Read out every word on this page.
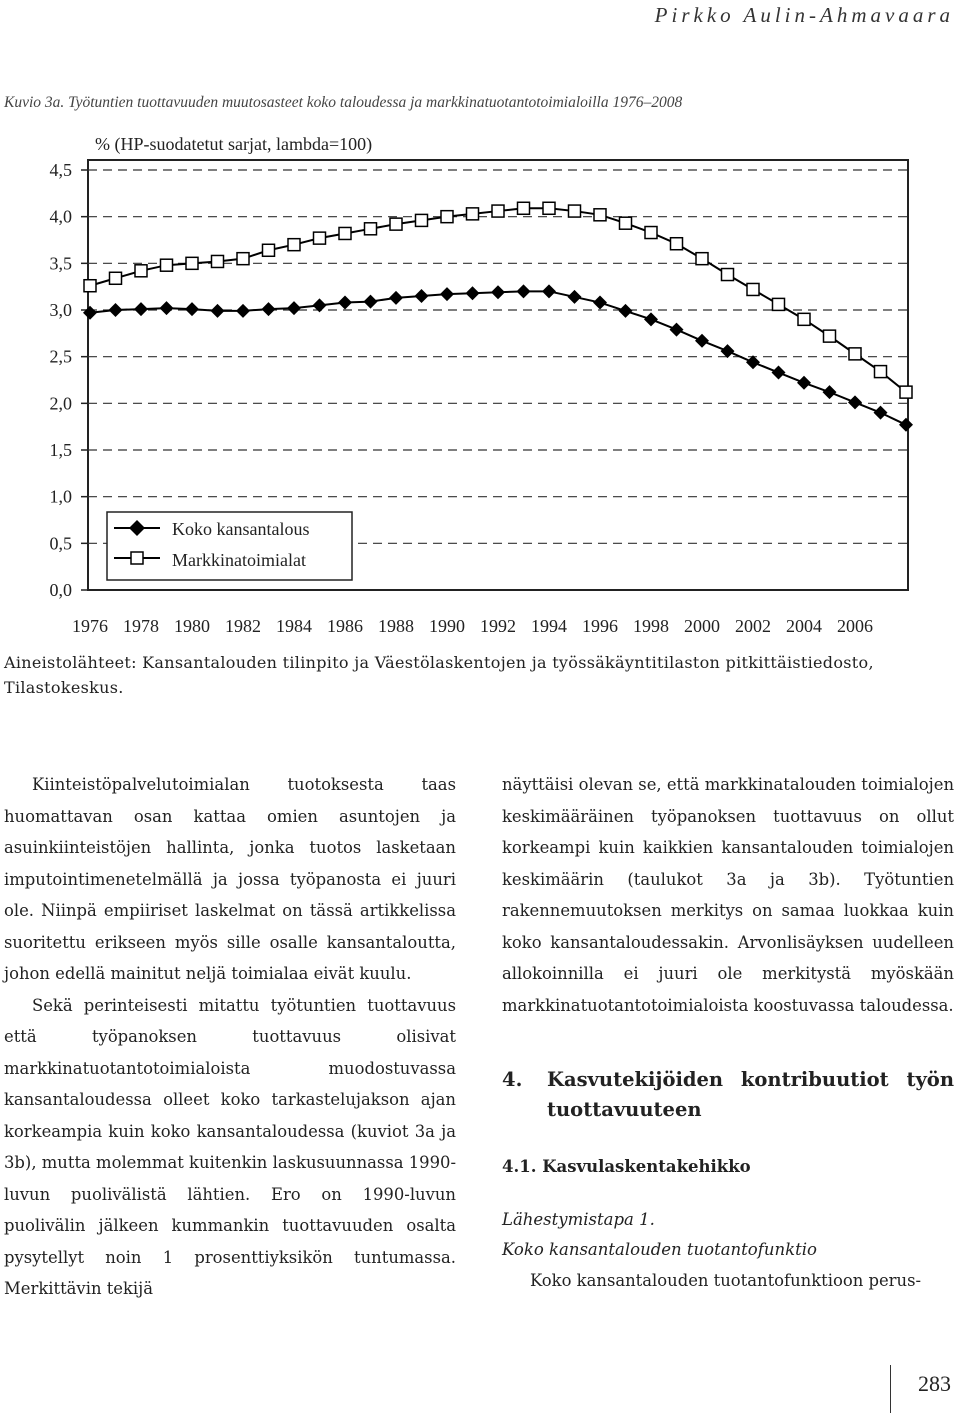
Pirkko Aulin-Ahmavaara
Kuvio 3a. Työtuntien tuottavuuden muutosasteet koko taloudessa ja markkinatuotantotoimialoilla 1976–2008
0,0
0,5
1,0
1,5
2,0
2,5
3,0
3,5
4,0
4,5
1976 1978 1980 1982 1984 1986 1988 1990 1992 1994 1996 1998 2000 2002 2004 2006
% (HP-suodatetut sarjat, lambda=100)
Koko kansantalous
Markkinatoimialat
Aineistolähteet: Kansantalouden tilinpito ja Väestölaskentojen ja työssäkäyntitilaston pitkittäistiedosto, Tilastokeskus.

Kiinteistöpalvelutoimialan tuotoksesta taas huomattavan osan kattaa omien asuntojen ja asuinkiinteistöjen hallinta, jonka tuotos lasketaan imputointimenetelmällä ja jossa työpanosta ei juuri ole. Niinpä empiiriset laskelmat on tässä artikkelissa suoritettu erikseen myös sille osalle kansantaloutta, johon edellä mainitut neljä toimialaa eivät kuulu.

Sekä perinteisesti mitattu työtuntien tuottavuus että työpanoksen tuottavuus olisivat markkinatuotantotoimialoista muodostuvassa kansantaloudessa olleet koko tarkastelujakson ajan korkeampia kuin koko kansantaloudessa (kuviot 3a ja 3b), mutta molemmat kuitenkin laskusuunnassa 1990-luvun puolivälistä lähtien. Ero on 1990-luvun puolivälin jälkeen kummankin tuottavuuden osalta pysytellyt noin 1 prosenttiyksikön tuntumassa. Merkittävin tekijä

näyttäisi olevan se, että markkinatalouden toimialojen keskimääräinen työpanoksen tuottavuus on ollut korkeampi kuin kaikkien kansantalouden toimialojen keskimäärin (taulukot 3a ja 3b). Työtuntien rakennemuutoksen merkitys on samaa luokkaa kuin koko kansantaloudessakin. Arvonlisäyksen uudelleen allokoinnilla ei juuri ole merkitystä myöskään markkinatuotantotoimialoista koostuvassa taloudessa.

4.	Kasvutekijöiden kontribuutiot työn tuottavuuteen
4.1. Kasvulaskentakehikko
Lähestymistapa 1.
Koko kansantalouden tuotantofunktio

Koko kansantalouden tuotantofunktioon perus-

283
